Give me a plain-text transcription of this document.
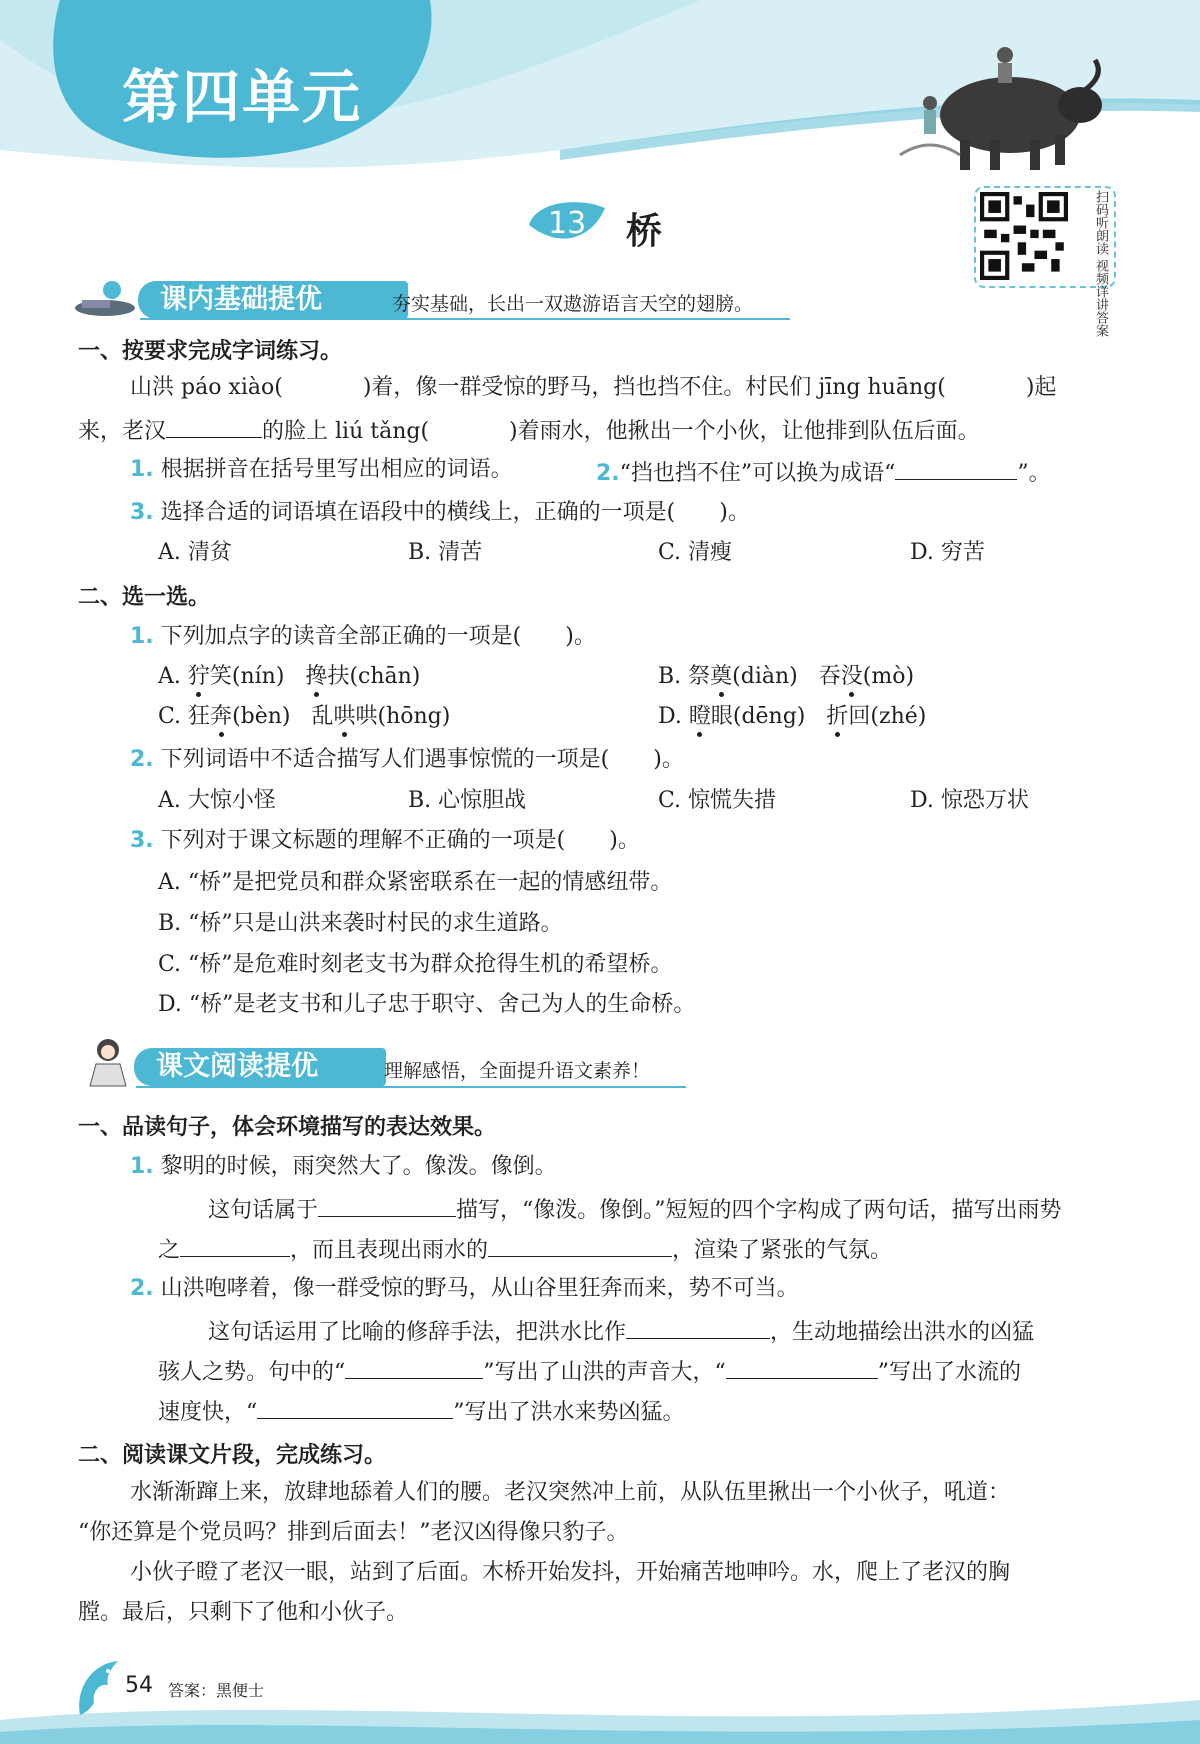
第四单元
13 桥	扫码听朗读 视频详讲答案
课内基础提优	夯实基础，长出一双遨游语言天空的翅膀。
一、按要求完成字词练习。
山洪 páo xiào(	)着，像一群受惊的野马，挡也挡不住。村民们 jīng huāng(	)起
来，老汉	的脸上 liú tǎng(	)着雨水，他揪出一个小伙，让他排到队伍后面。
1. 根据拼音在括号里写出相应的词语。	2.“挡也挡不住”可以换为成语“	”。
3. 选择合适的词语填在语段中的横线上，正确的一项是(　　)。
A. 清贫	B. 清苦	C. 清瘦	D. 穷苦
二、选一选。
1. 下列加点字的读音全部正确的一项是(　　)。
A. 狞笑(nín) 搀扶(chān)	B. 祭奠(diàn) 吞没(mò)
C. 狂奔(bèn) 乱哄哄(hōng)	D. 瞪眼(dēng) 折回(zhé)
2. 下列词语中不适合描写人们遇事惊慌的一项是(　　)。
A. 大惊小怪	B. 心惊胆战	C. 惊慌失措	D. 惊恐万状
3. 下列对于课文标题的理解不正确的一项是(　　)。
A. “桥”是把党员和群众紧密联系在一起的情感纽带。
B. “桥”只是山洪来袭时村民的求生道路。
C. “桥”是危难时刻老支书为群众抢得生机的希望桥。
D. “桥”是老支书和儿子忠于职守、舍己为人的生命桥。
课文阅读提优	理解感悟，全面提升语文素养！
一、品读句子，体会环境描写的表达效果。
1. 黎明的时候，雨突然大了。像泼。像倒。
这句话属于	描写，“像泼。像倒。”短短的四个字构成了两句话，描写出雨势
之	，而且表现出雨水的	，渲染了紧张的气氛。
2. 山洪咆哮着，像一群受惊的野马，从山谷里狂奔而来，势不可当。
这句话运用了比喻的修辞手法，把洪水比作	，生动地描绘出洪水的凶猛
骇人之势。句中的“	”写出了山洪的声音大，“	”写出了水流的
速度快，“	”写出了洪水来势凶猛。
二、阅读课文片段，完成练习。
水渐渐蹿上来，放肆地舔着人们的腰。老汉突然冲上前，从队伍里揪出一个小伙子，吼道：
“你还算是个党员吗？排到后面去！”老汉凶得像只豹子。
小伙子瞪了老汉一眼，站到了后面。木桥开始发抖，开始痛苦地呻吟。水，爬上了老汉的胸
膛。最后，只剩下了他和小伙子。
54 答案：黑便士
